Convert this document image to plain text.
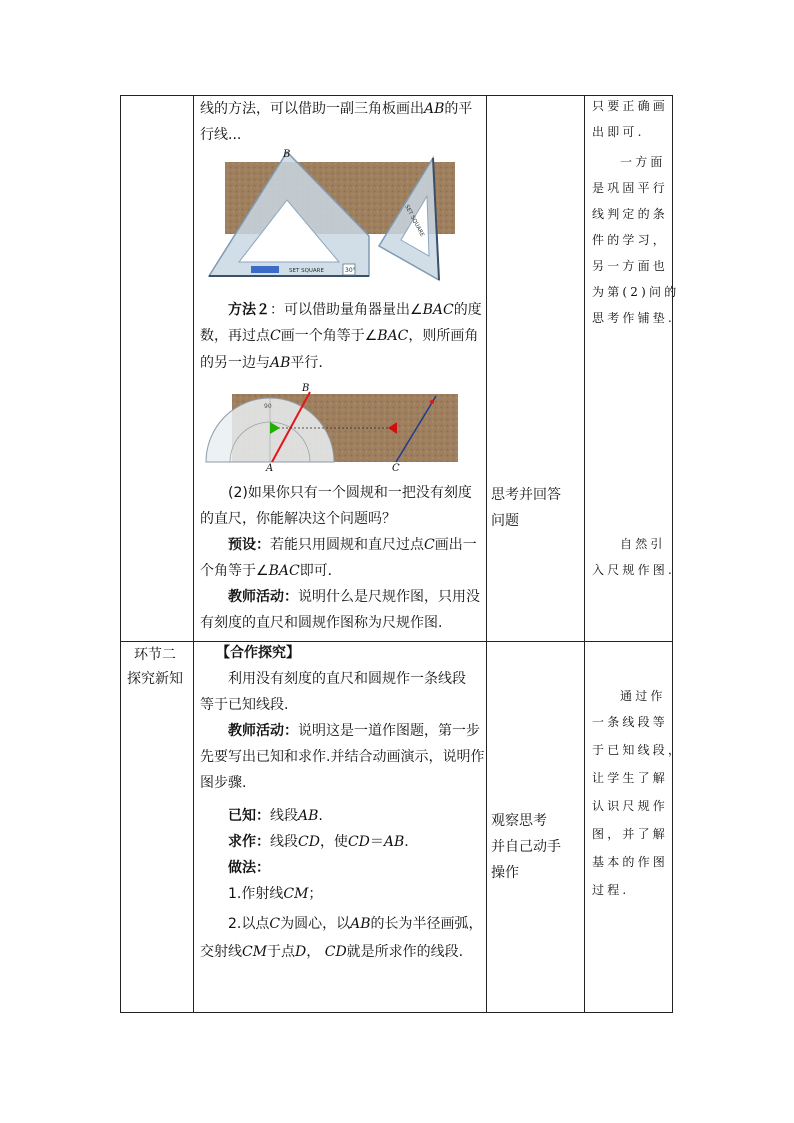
线的方法，可以借助一副三角板画出AB的平

行线...

SET SQUARE	30°
B
SET SQUARE

方法２：可以借助量角器量出∠BAC的度

数，再过点C画一个角等于∠BAC，则所画角

的另一边与AB平行.

90
B
A	C

(2)如果你只有一个圆规和一把没有刻度

的直尺，你能解决这个问题吗？

预设：若能只用圆规和直尺过点C画出一

个角等于∠BAC即可．

教师活动：说明什么是尺规作图，只用没

有刻度的直尺和圆规作图称为尺规作图.

思考并回答

问题

只要正确画

出即可.

一方面

是巩固平行

线判定的条

件的学习，

另一方面也

为第(2)问的

思考作铺垫.

自然引

入尺规作图.

环节二

探究新知

【合作探究】

利用没有刻度的直尺和圆规作一条线段

等于已知线段.

教师活动：说明这是一道作图题，第一步

先要写出已知和求作.并结合动画演示，说明作

图步骤.

已知：线段AB.

求作：线段CD，使CD＝AB.

做法：

1.作射线CM；

2.以点C为圆心，以AB的长为半径画弧，

交射线CM于点D， CD就是所求作的线段.

观察思考

并自己动手

操作

通过作

一条线段等

于已知线段，

让学生了解

认识尺规作

图，并了解

基本的作图

过程.
